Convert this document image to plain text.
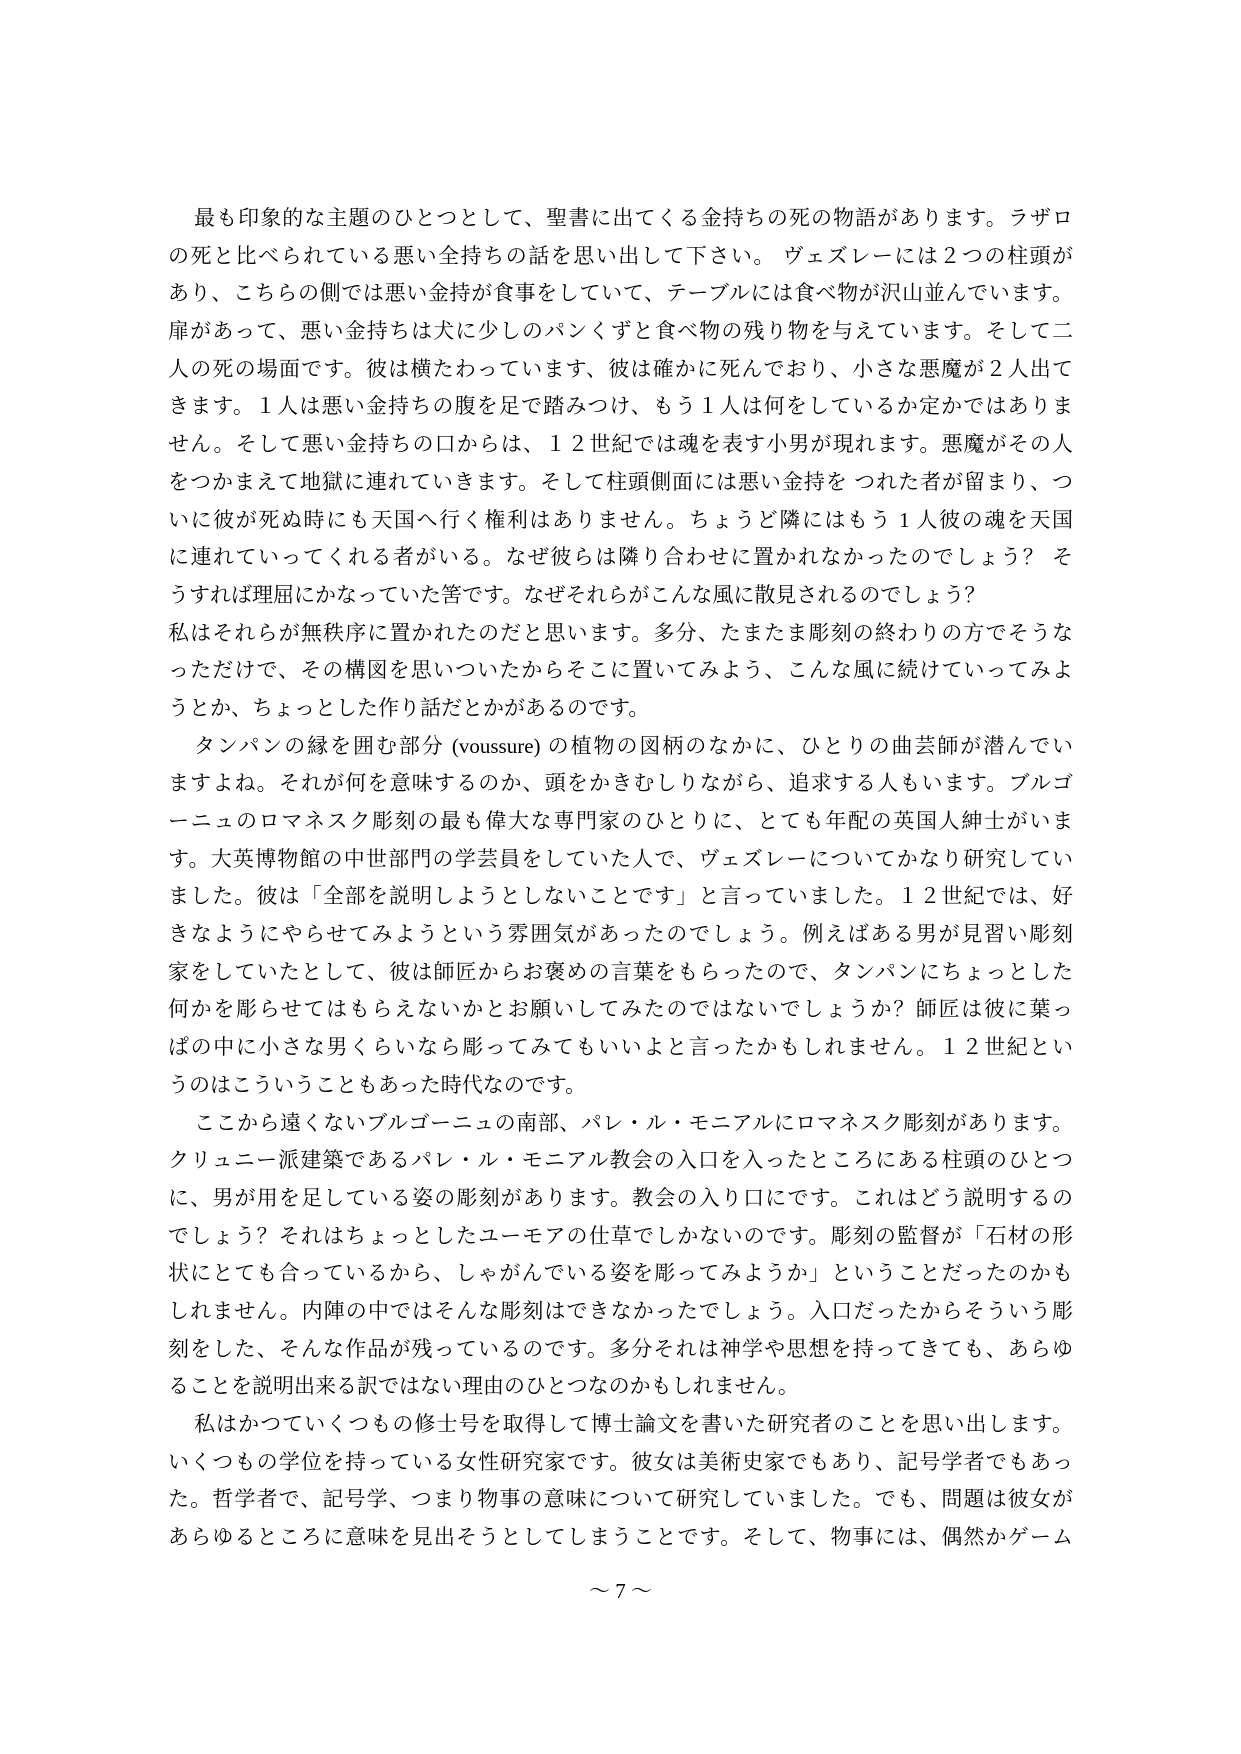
最も印象的な主題のひとつとして、聖書に出てくる金持ちの死の物語があります。ラザロ
の死と比べられている悪い全持ちの話を思い出して下さい。 ヴェズレーには２つの柱頭が
あり、こちらの側では悪い金持が食事をしていて、テーブルには食べ物が沢山並んでいます。
扉があって、悪い金持ちは犬に少しのパンくずと食べ物の残り物を与えています。そして二
人の死の場面です。彼は横たわっています、彼は確かに死んでおり、小さな悪魔が２人出て
きます。１人は悪い金持ちの腹を足で踏みつけ、もう１人は何をしているか定かではありま
せん。そして悪い金持ちの口からは、１２世紀では魂を表す小男が現れます。悪魔がその人
をつかまえて地獄に連れていきます。そして柱頭側面には悪い金持を つれた者が留まり、つ
いに彼が死ぬ時にも天国へ行く権利はありません。ちょうど隣にはもう 1 人彼の魂を天国
に連れていってくれる者がいる。なぜ彼らは隣り合わせに置かれなかったのでしょう？ そ
うすれば理屈にかなっていた筈です。なぜそれらがこんな風に散見されるのでしょう？
私はそれらが無秩序に置かれたのだと思います。多分、たまたま彫刻の終わりの方でそうな
っただけで、その構図を思いついたからそこに置いてみよう、こんな風に続けていってみよ
うとか、ちょっとした作り話だとかがあるのです。
タンパンの縁を囲む部分 (voussure) の植物の図柄のなかに、ひとりの曲芸師が潜んでい
ますよね。それが何を意味するのか、頭をかきむしりながら、追求する人もいます。ブルゴ
ーニュのロマネスク彫刻の最も偉大な専門家のひとりに、とても年配の英国人紳士がいま
す。大英博物館の中世部門の学芸員をしていた人で、ヴェズレーについてかなり研究してい
ました。彼は「全部を説明しようとしないことです」と言っていました。１２世紀では、好
きなようにやらせてみようという雰囲気があったのでしょう。例えばある男が見習い彫刻
家をしていたとして、彼は師匠からお褒めの言葉をもらったので、タンパンにちょっとした
何かを彫らせてはもらえないかとお願いしてみたのではないでしょうか？師匠は彼に葉っ
ぱの中に小さな男くらいなら彫ってみてもいいよと言ったかもしれません。１２世紀とい
うのはこういうこともあった時代なのです。
ここから遠くないブルゴーニュの南部、パレ・ル・モニアルにロマネスク彫刻があります。
クリュニー派建築であるパレ・ル・モニアル教会の入口を入ったところにある柱頭のひとつ
に、男が用を足している姿の彫刻があります。教会の入り口にです。これはどう説明するの
でしょう？それはちょっとしたユーモアの仕草でしかないのです。彫刻の監督が「石材の形
状にとても合っているから、しゃがんでいる姿を彫ってみようか」ということだったのかも
しれません。内陣の中ではそんな彫刻はできなかったでしょう。入口だったからそういう彫
刻をした、そんな作品が残っているのです。多分それは神学や思想を持ってきても、あらゆ
ることを説明出来る訳ではない理由のひとつなのかもしれません。
私はかつていくつもの修士号を取得して博士論文を書いた研究者のことを思い出します。
いくつもの学位を持っている女性研究家です。彼女は美術史家でもあり、記号学者でもあっ
た。哲学者で、記号学、つまり物事の意味について研究していました。でも、問題は彼女が
あらゆるところに意味を見出そうとしてしまうことです。そして、物事には、偶然かゲーム
～ 7 ～
